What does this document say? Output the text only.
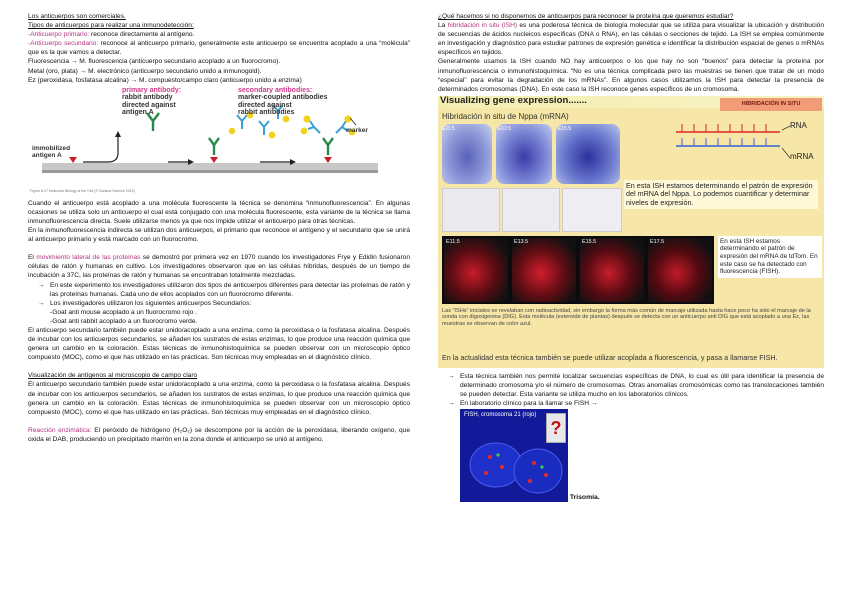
Los anticuerpos son comerciales.

Tipos de anticuerpos para realizar una inmunodetección:

-Anticuerpo primario: reconoce directamente al antígeno.

-Anticuerpo secundario: reconoce al anticuerpo primario, generalmente este anticuerpo se encuentra acoplado a una “molécula” que es la que vamos a detectar.

Fluorescencia → M. fluorescencia (anticuerpo secundario acoplado a un fluorocromo).

Metal (oro, plata) → M. electrónico (anticuerpo secundario unido a inmunogold).

Ez (peroxidasa, fosfatasa alcalina) → M. compuesto/campo claro (anticuerpo unido a enzima)

primary antibody:
rabbit antibody
directed against
antigen A
secondary antibodies:
marker-coupled antibodies
directed against
rabbit antibodies
marker
immobilized
antigen A
Figure 8-17 Molecular Biology of the Cell (© Garland Science 2015)

Cuando el anticuerpo está acoplado a una molécula fluorescente la técnica se denomina “inmunofluorescencia”. En algunas ocasiones se utiliza solo un anticuerpo el cual está conjugado con una molécula fluorescente, esta variante de la técnica se llama inmunofluorescencia directa. Suele utilizarse menos ya que nos impide utilizar el anticuerpo para otras técnicas.

En la inmunofluorescencia indirecta se utilizan dos anticuerpos, el primario que reconoce el antígeno y el secundario que se unirá al anticuerpo primario y está marcado con un fluorocromo.

El movimiento lateral de las proteínas se demostró por primera vez en 1970 cuando los investigadores Frye y Edidin fusionaron células de ratón y humanas en cultivo. Los investigadores observaron que en las células híbridas, después de un tiempo de incubación a 37C, las proteínas de ratón y humanas se encontraban totalmente mezcladas.

→ En este experimento los investigadores utilizaron dos tipos de anticuerpos diferentes para detectar las proteínas de ratón y las proteínas humanas. Cada uno de ellos acoplados con un fluorocromo diferente.
→ Los investigadores utilizaron los siguientes anticuerpos Secundarios:

-Goat anti mouse acoplado a un fluorocromo rojo .

-Goat anti rabbit acoplado a un fluorocromo verde.

El anticuerpo secundario también puede estar unido/acoplado a una enzima, como la peroxidasa o la fosfatasa alcalina. Después de incubar con los anticuerpos secundarios, se añaden los sustratos de estas enzimas, lo que produce una reacción química que genera un cambio en la coloración. Estas técnicas de inmunohistoquímica se pueden observar con un microscopio óptico compuesto (MOC), como el que has utilizado en las prácticas. Son técnicas muy empleadas en el diagnóstico clínico.

Visualización de antígenos al microscopio de campo claro

El anticuerpo secundario también puede estar unido/acoplado a una enzima, como la peroxidasa o la fosfatasa alcalina. Después de incubar con los anticuerpos secundarios, se añaden los sustratos de estas enzimas, lo que produce una reacción química que genera un cambio en la coloración. Estas técnicas de inmunohistoquímica se pueden observar con un microscopio óptico compuesto (MOC), como el que has utilizado en las prácticas. Son técnicas muy empleadas en el diagnóstico clínico.

Reacción enzimática: El peróxido de hidrógeno (H₂O₂) se descompone por la acción de la peroxidasa, liberando oxígeno, que oxida el DAB, produciendo un precipitado marrón en la zona donde el anticuerpo se unió al antígeno.

¿Qué hacemos si no disponemos de anticuerpos para reconocer la proteína que queremos estudiar?

La hibridación in situ (ISH) es una poderosa técnica de biología molecular que se utiliza para visualizar la ubicación y distribución de secuencias de ácidos nucleicos específicas (DNA o RNA), en las células o secciones de tejido. La ISH se emplea comúnmente en investigación y diagnóstico para estudiar patrones de expresión genética e identificar la distribución espacial de genes o mRNAs específicos en tejidos.

Generalmente usamos la ISH cuando NO hay anticuerpos o los que hay no son “buenos” para detectar la proteína por inmunofluorescencia o inmunohistoquímica. “No es una técnica complicada pero las muestras se tienen que tratar de un modo “especial” para evitar la degradación de los mRNAs”. En algunos casos utilizamos la ISH para detectar la presencia de determinados cromosomas (DNA). En este caso la ISH reconoce genes específicos de un cromosoma.

Visualizing gene expression.......	HIBRIDACIÓN IN SITU
Hibridación in situ de Nppa (mRNA)
E11.5	E12.5	E15.5	RNA
mRNA
En esta ISH estamos determinando el patrón de expresión del mRNA del Nppa. Lo podemos cuantificar y determinar niveles de expresión.
E11.5	E13.5	E15.5	E17.5	En esta ISH estamos determinando el patrón de expresión del mRNA de tdTom. En este caso se ha detectado con fluorescencia (FISH).
Las “ISHs” iniciales se revelaban con radioactividad, sin embargo la forma más común de marcaje utilizada hasta hace poco ha sido el marcaje de la sonda con digoxigenina (DIG). Esta molécula (esteroide de plantas) después se detecta con un anticuerpo anti DIG que está acoplado a una Ez, las muestras se observan de color azul.
En la actualidad esta técnica también se puede utilizar acoplada a fluorescencia, y pasa a llamarse FISH.
→ Esta técnica también nos permite localizar secuencias específicas de DNA, lo cual es útil para identificar la presencia de determinado cromosoma y/o el número de cromosomas. Otras anomalías cromosómicas como las translocaciones también se pueden detectar. Esta variante se utiliza mucho en los laboratorios clínicos.
→ En laboratorio clínico para la llamar se FISH →
FISH, cromosoma 21 (rojo)
?
Trisomía.
